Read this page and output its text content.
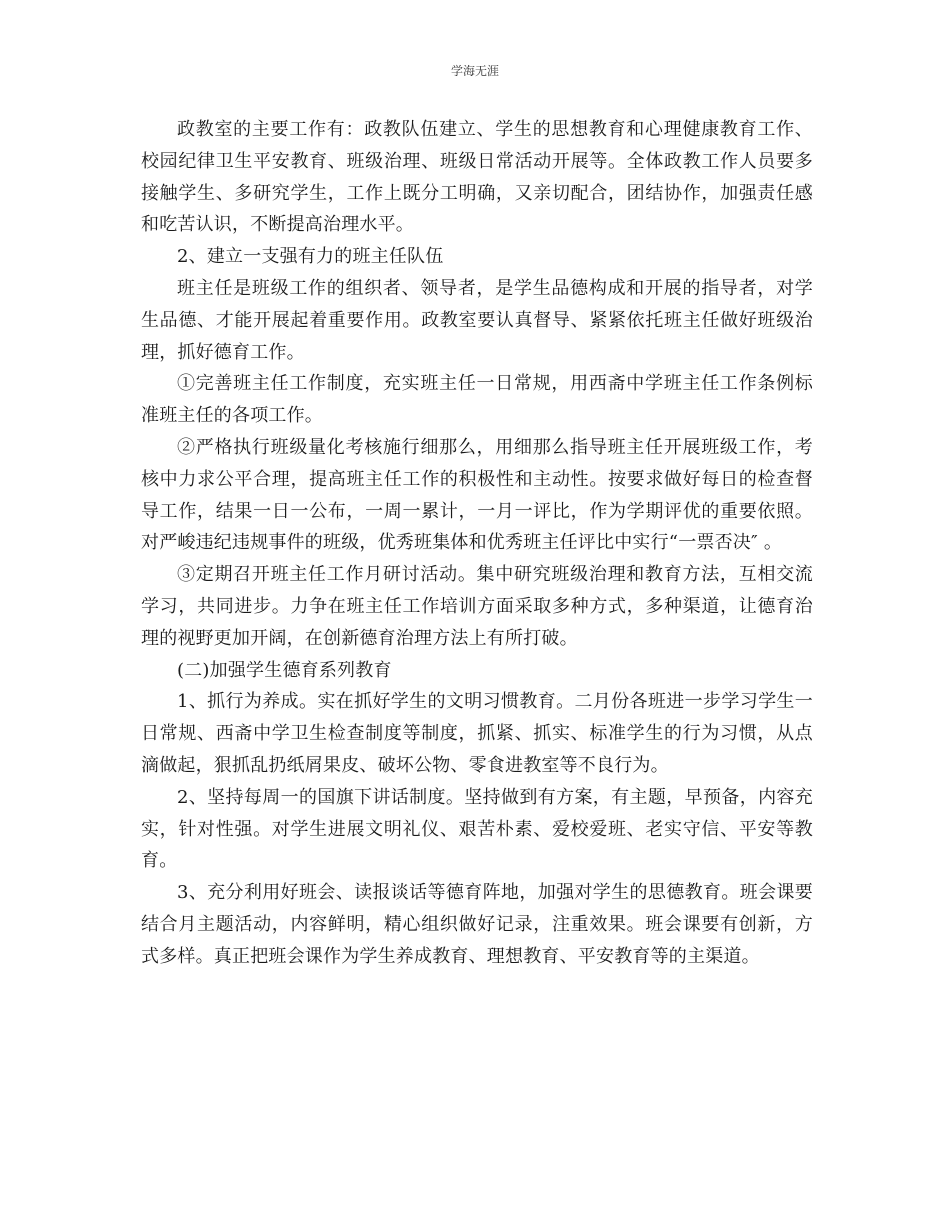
学海无涯

政教室的主要工作有：政教队伍建立、学生的思想教育和心理健康教育工作、校园纪律卫生平安教育、班级治理、班级日常活动开展等。全体政教工作人员要多接触学生、多研究学生，工作上既分工明确，又亲切配合，团结协作，加强责任感和吃苦认识，不断提高治理水平。

2、建立一支强有力的班主任队伍

班主任是班级工作的组织者、领导者，是学生品德构成和开展的指导者，对学生品德、才能开展起着重要作用。政教室要认真督导、紧紧依托班主任做好班级治理，抓好德育工作。

①完善班主任工作制度，充实班主任一日常规，用西斋中学班主任工作条例标准班主任的各项工作。

②严格执行班级量化考核施行细那么，用细那么指导班主任开展班级工作，考核中力求公平合理，提高班主任工作的积极性和主动性。按要求做好每日的检查督导工作，结果一日一公布，一周一累计，一月一评比，作为学期评优的重要依照。对严峻违纪违规事件的班级，优秀班集体和优秀班主任评比中实行“一票否决″ 。

③定期召开班主任工作月研讨活动。集中研究班级治理和教育方法，互相交流学习，共同进步。力争在班主任工作培训方面采取多种方式，多种渠道，让德育治理的视野更加开阔，在创新德育治理方法上有所打破。

(二)加强学生德育系列教育

1、抓行为养成。实在抓好学生的文明习惯教育。二月份各班进一步学习学生一日常规、西斋中学卫生检查制度等制度，抓紧、抓实、标准学生的行为习惯，从点滴做起，狠抓乱扔纸屑果皮、破坏公物、零食进教室等不良行为。

2、坚持每周一的国旗下讲话制度。坚持做到有方案，有主题，早预备，内容充实，针对性强。对学生进展文明礼仪、艰苦朴素、爱校爱班、老实守信、平安等教育。

3、充分利用好班会、读报谈话等德育阵地，加强对学生的思德教育。班会课要结合月主题活动，内容鲜明，精心组织做好记录，注重效果。班会课要有创新，方式多样。真正把班会课作为学生养成教育、理想教育、平安教育等的主渠道。
